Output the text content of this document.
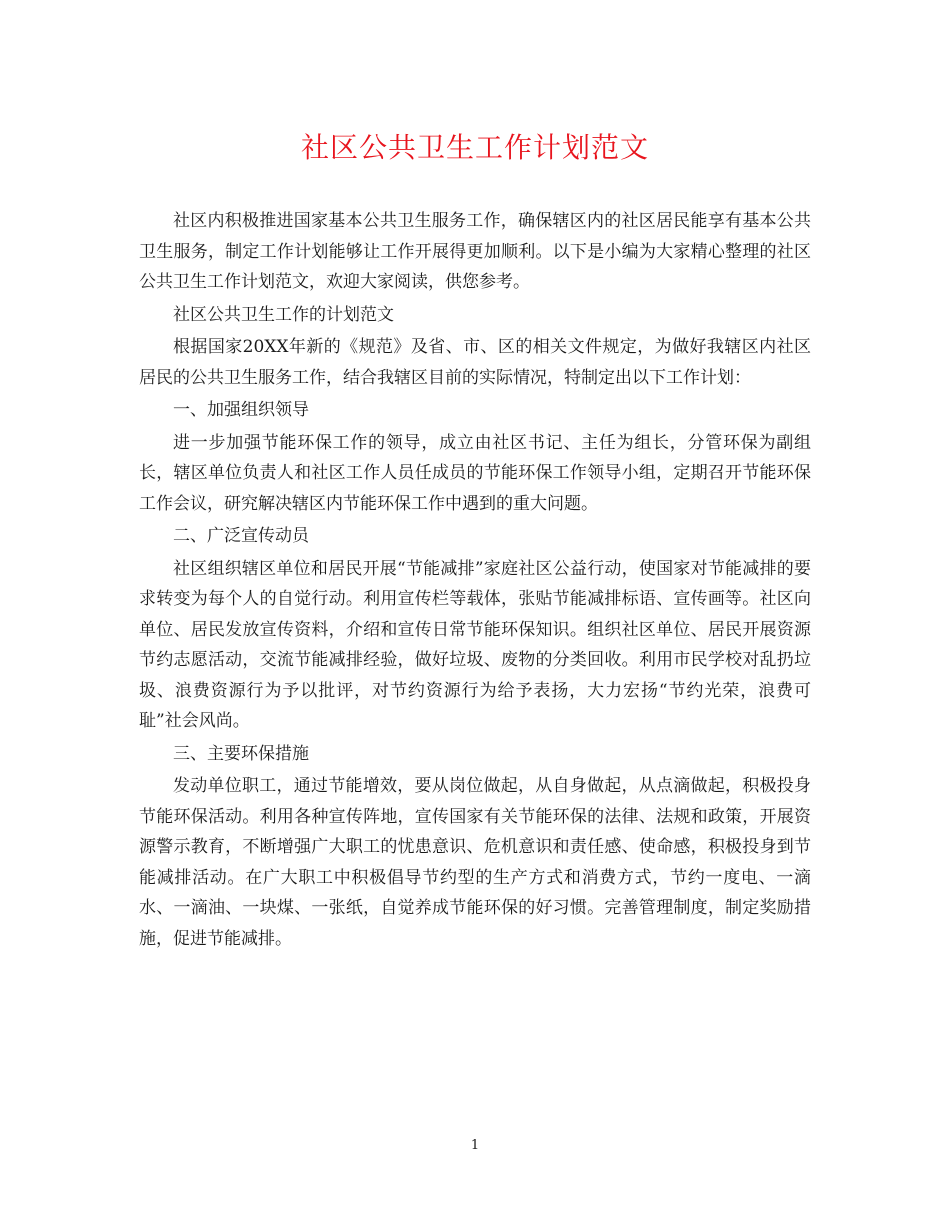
社区公共卫生工作计划范文

社区内积极推进国家基本公共卫生服务工作，确保辖区内的社区居民能享有基本公共卫生服务，制定工作计划能够让工作开展得更加顺利。以下是小编为大家精心整理的社区公共卫生工作计划范文，欢迎大家阅读，供您参考。

社区公共卫生工作的计划范文

根据国家20XX年新的《规范》及省、市、区的相关文件规定，为做好我辖区内社区居民的公共卫生服务工作，结合我辖区目前的实际情况，特制定出以下工作计划：

一、加强组织领导

进一步加强节能环保工作的领导，成立由社区书记、主任为组长，分管环保为副组长，辖区单位负责人和社区工作人员任成员的节能环保工作领导小组，定期召开节能环保工作会议，研究解决辖区内节能环保工作中遇到的重大问题。

二、广泛宣传动员

社区组织辖区单位和居民开展“节能减排”家庭社区公益行动，使国家对节能减排的要求转变为每个人的自觉行动。利用宣传栏等载体，张贴节能减排标语、宣传画等。社区向单位、居民发放宣传资料，介绍和宣传日常节能环保知识。组织社区单位、居民开展资源节约志愿活动，交流节能减排经验，做好垃圾、废物的分类回收。利用市民学校对乱扔垃圾、浪费资源行为予以批评，对节约资源行为给予表扬，大力宏扬“节约光荣，浪费可耻”社会风尚。

三、主要环保措施

发动单位职工，通过节能增效，要从岗位做起，从自身做起，从点滴做起，积极投身节能环保活动。利用各种宣传阵地，宣传国家有关节能环保的法律、法规和政策，开展资源警示教育，不断增强广大职工的忧患意识、危机意识和责任感、使命感，积极投身到节能减排活动。在广大职工中积极倡导节约型的生产方式和消费方式，节约一度电、一滴水、一滴油、一块煤、一张纸，自觉养成节能环保的好习惯。完善管理制度，制定奖励措施，促进节能减排。

1
